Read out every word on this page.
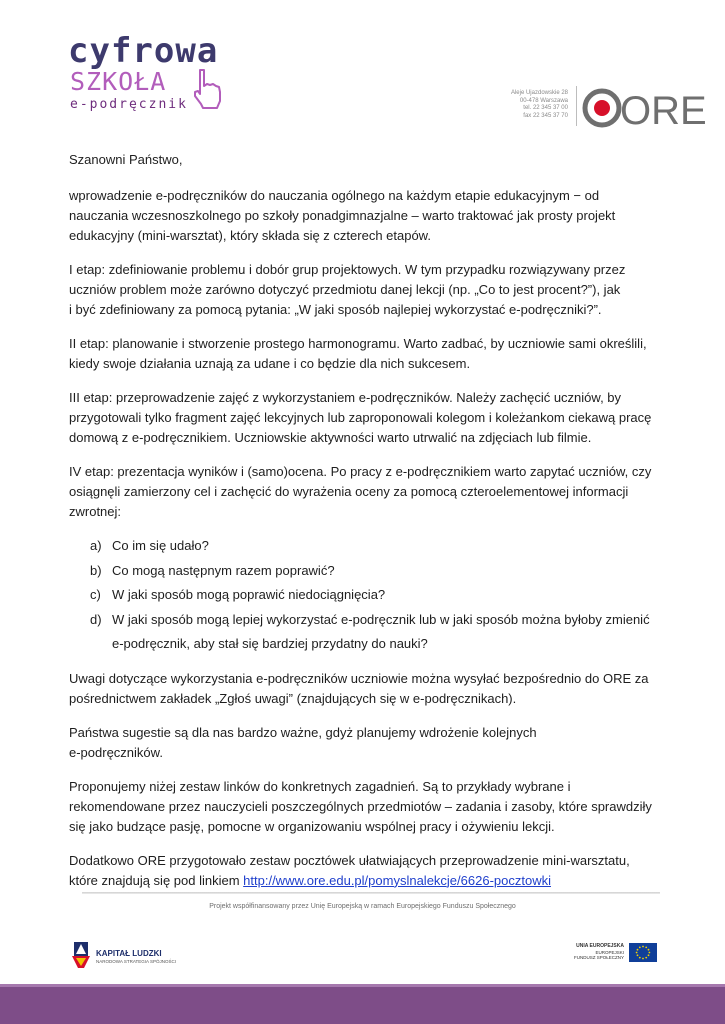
cyfrowa
SZKOŁA
e-podręcznik
Aleje Ujazdowskie 28
00-478 Warszawa
tel. 22 345 37 00
fax 22 345 37 70 ORE

Szanowni Państwo,

wprowadzenie e-podręczników do nauczania ogólnego na każdym etapie edukacyjnym − od nauczania wczesnoszkolnego po szkoły ponadgimnazjalne – warto traktować jak prosty projekt edukacyjny (mini-warsztat), który składa się z czterech etapów.

I etap: zdefiniowanie problemu i dobór grup projektowych. W tym przypadku rozwiązywany przez uczniów problem może zarówno dotyczyć przedmiotu danej lekcji (np. „Co to jest procent?”), jak
i być zdefiniowany za pomocą pytania: „W jaki sposób najlepiej wykorzystać e-podręczniki?”.

II etap: planowanie i stworzenie prostego harmonogramu. Warto zadbać, by uczniowie sami określili, kiedy swoje działania uznają za udane i co będzie dla nich sukcesem.

III etap: przeprowadzenie zajęć z wykorzystaniem e-podręczników. Należy zachęcić uczniów, by przygotowali tylko fragment zajęć lekcyjnych lub zaproponowali kolegom i koleżankom ciekawą pracę domową z e-podręcznikiem. Uczniowskie aktywności warto utrwalić na zdjęciach lub filmie.

IV etap: prezentacja wyników i (samo)ocena. Po pracy z e-podręcznikiem warto zapytać uczniów, czy osiągnęli zamierzony cel i zachęcić do wyrażenia oceny za pomocą czteroelementowej informacji zwrotnej:

a) Co im się udało?
b) Co mogą następnym razem poprawić?
c) W jaki sposób mogą poprawić niedociągnięcia?
d) W jaki sposób mogą lepiej wykorzystać e-podręcznik lub w jaki sposób można byłoby zmienić e-podręcznik, aby stał się bardziej przydatny do nauki?

Uwagi dotyczące wykorzystania e-podręczników uczniowie można wysyłać bezpośrednio do ORE za pośrednictwem zakładek „Zgłoś uwagi” (znajdujących się w e-podręcznikach).

Państwa sugestie są dla nas bardzo ważne, gdyż planujemy wdrożenie kolejnych
e-podręczników.

Proponujemy niżej zestaw linków do konkretnych zagadnień. Są to przykłady wybrane i rekomendowane przez nauczycieli poszczególnych przedmiotów – zadania i zasoby, które sprawdziły się jako budzące pasję, pomocne w organizowaniu wspólnej pracy i ożywieniu lekcji.

Dodatkowo ORE przygotowało zestaw pocztówek ułatwiających przeprowadzenie mini-warsztatu, które znajdują się pod linkiem http://www.ore.edu.pl/pomyslnalekcje/6626-pocztowki

Projekt współfinansowany przez Unię Europejską w ramach Europejskiego Funduszu Społecznego
KAPITAŁ LUDZKI
NARODOWA STRATEGIA SPÓJNOŚCI
UNIA EUROPEJSKA
EUROPEJSKI
FUNDUSZ SPOŁECZNY
